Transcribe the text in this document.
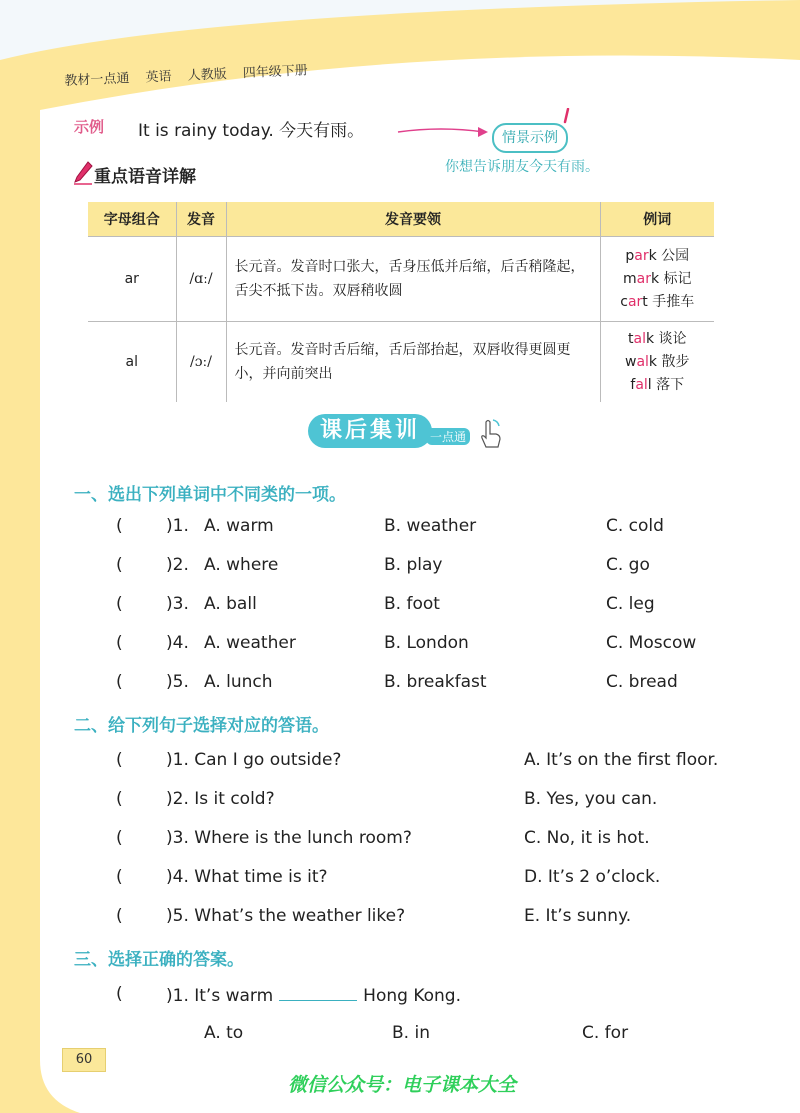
教材一点通 英语 人教版 四年级下册
示例 It is rainy today. 今天有雨。	情景示例
你想告诉朋友今天有雨。
重点语音详解
字母组合	发音	发音要领	例词
ar	/ɑː/	长元音。发音时口张大，舌身压低并后缩，后舌稍隆起，舌尖不抵下齿。双唇稍收圆	park 公园
mark 标记
cart 手推车

al	/ɔː/	长元音。发音时舌后缩，舌后部抬起，双唇收得更圆更小，并向前突出	talk 谈论
walk 散步
fall 落下
课后集训 一点通
一、选出下列单词中不同类的一项。
(	)1. A. warm	B. weather	C. cold
(	)2. A. where	B. play	C. go
(	)3. A. ball	B. foot	C. leg
(	)4. A. weather	B. London	C. Moscow
(	)5. A. lunch	B. breakfast	C. bread
二、给下列句子选择对应的答语。
(	)1. Can I go outside?	A. It’s on the first floor.
(	)2. Is it cold?	B. Yes, you can.
(	)3. Where is the lunch room?	C. No, it is hot.
(	)4. What time is it?	D. It’s 2 o’clock.
(	)5. What’s the weather like?	E. It’s sunny.
三、选择正确的答案。
(	)1. It’s warm	Hong Kong.
A. to	B. in	C. for
60
微信公众号：电子课本大全
